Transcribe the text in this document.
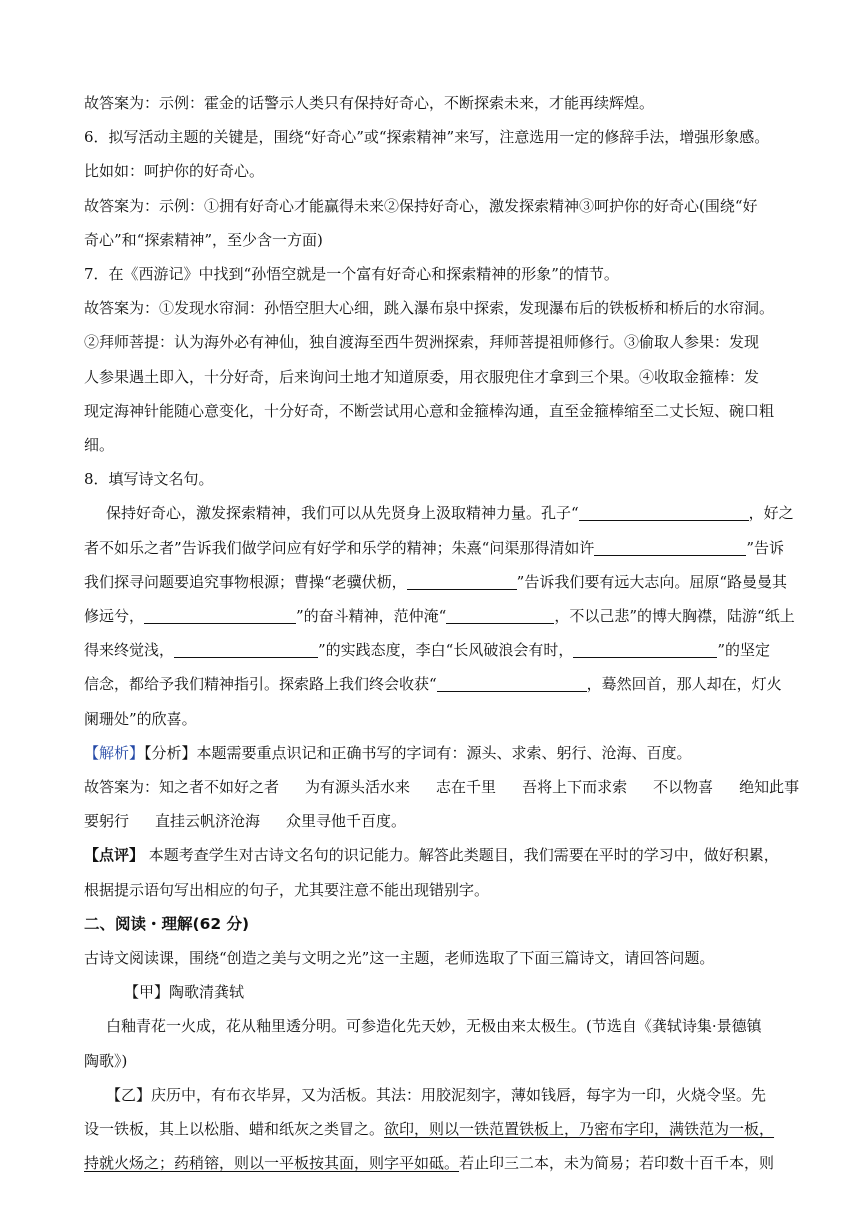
故答案为：示例：霍金的话警示人类只有保持好奇心，不断探索未来，才能再续辉煌。

6．拟写活动主题的关键是，围绕“好奇心”或“探索精神”来写，注意选用一定的修辞手法，增强形象感。

比如如：呵护你的好奇心。

故答案为：示例：①拥有好奇心才能赢得未来②保持好奇心，激发探索精神③呵护你的好奇心(围绕“好

奇心”和“探索精神”，至少含一方面)

7．在《西游记》中找到“孙悟空就是一个富有好奇心和探索精神的形象”的情节。

故答案为：①发现水帘洞：孙悟空胆大心细，跳入瀑布泉中探索，发现瀑布后的铁板桥和桥后的水帘洞。

②拜师菩提：认为海外必有神仙，独自渡海至西牛贺洲探索，拜师菩提祖师修行。③偷取人参果：发现

人参果遇土即入，十分好奇，后来询问土地才知道原委，用衣服兜住才拿到三个果。④收取金箍棒：发

现定海神针能随心意变化，十分好奇，不断尝试用心意和金箍棒沟通，直至金箍棒缩至二丈长短、碗口粗

细。

8．填写诗文名句。

保持好奇心，激发探索精神，我们可以从先贤身上汲取精神力量。孔子“	，好之

者不如乐之者”告诉我们做学问应有好学和乐学的精神；朱熹“问渠那得清如许	”告诉

我们探寻问题要追究事物根源；曹操“老骥伏枥，	”告诉我们要有远大志向。屈原“路曼曼其

修远兮，	”的奋斗精神，范仲淹“	，不以己悲”的博大胸襟，陆游“纸上

得来终觉浅，	”的实践态度，李白“长风破浪会有时，	”的坚定

信念，都给予我们精神指引。探索路上我们终会收获“	，蓦然回首，那人却在，灯火

阑珊处”的欣喜。

【解析】【分析】本题需要重点识记和正确书写的字词有：源头、求索、躬行、沧海、百度。

故答案为：知之者不如好之者 为有源头活水来 志在千里 吾将上下而求索 不以物喜 绝知此事

要躬行 直挂云帆济沧海 众里寻他千百度。

【点评】 本题考查学生对古诗文名句的识记能力。解答此类题目，我们需要在平时的学习中，做好积累，

根据提示语句写出相应的句子，尤其要注意不能出现错别字。

二、阅读・理解(62 分)

古诗文阅读课，围绕“创造之美与文明之光”这一主题，老师选取了下面三篇诗文，请回答问题。

【甲】陶歌清龚轼

白釉青花一火成，花从釉里透分明。可参造化先天妙，无极由来太极生。(节选自《龚轼诗集·景德镇

陶歌》)

【乙】庆历中，有布衣毕昇，又为活板。其法：用胶泥刻字，薄如钱唇，每字为一印，火烧令坚。先

设一铁板，其上以松脂、蜡和纸灰之类冒之。欲印，则以一铁范置铁板上，乃密布字印，满铁范为一板，

持就火炀之；药稍镕，则以一平板按其面，则字平如砥。若止印三二本，未为简易；若印数十百千本，则
